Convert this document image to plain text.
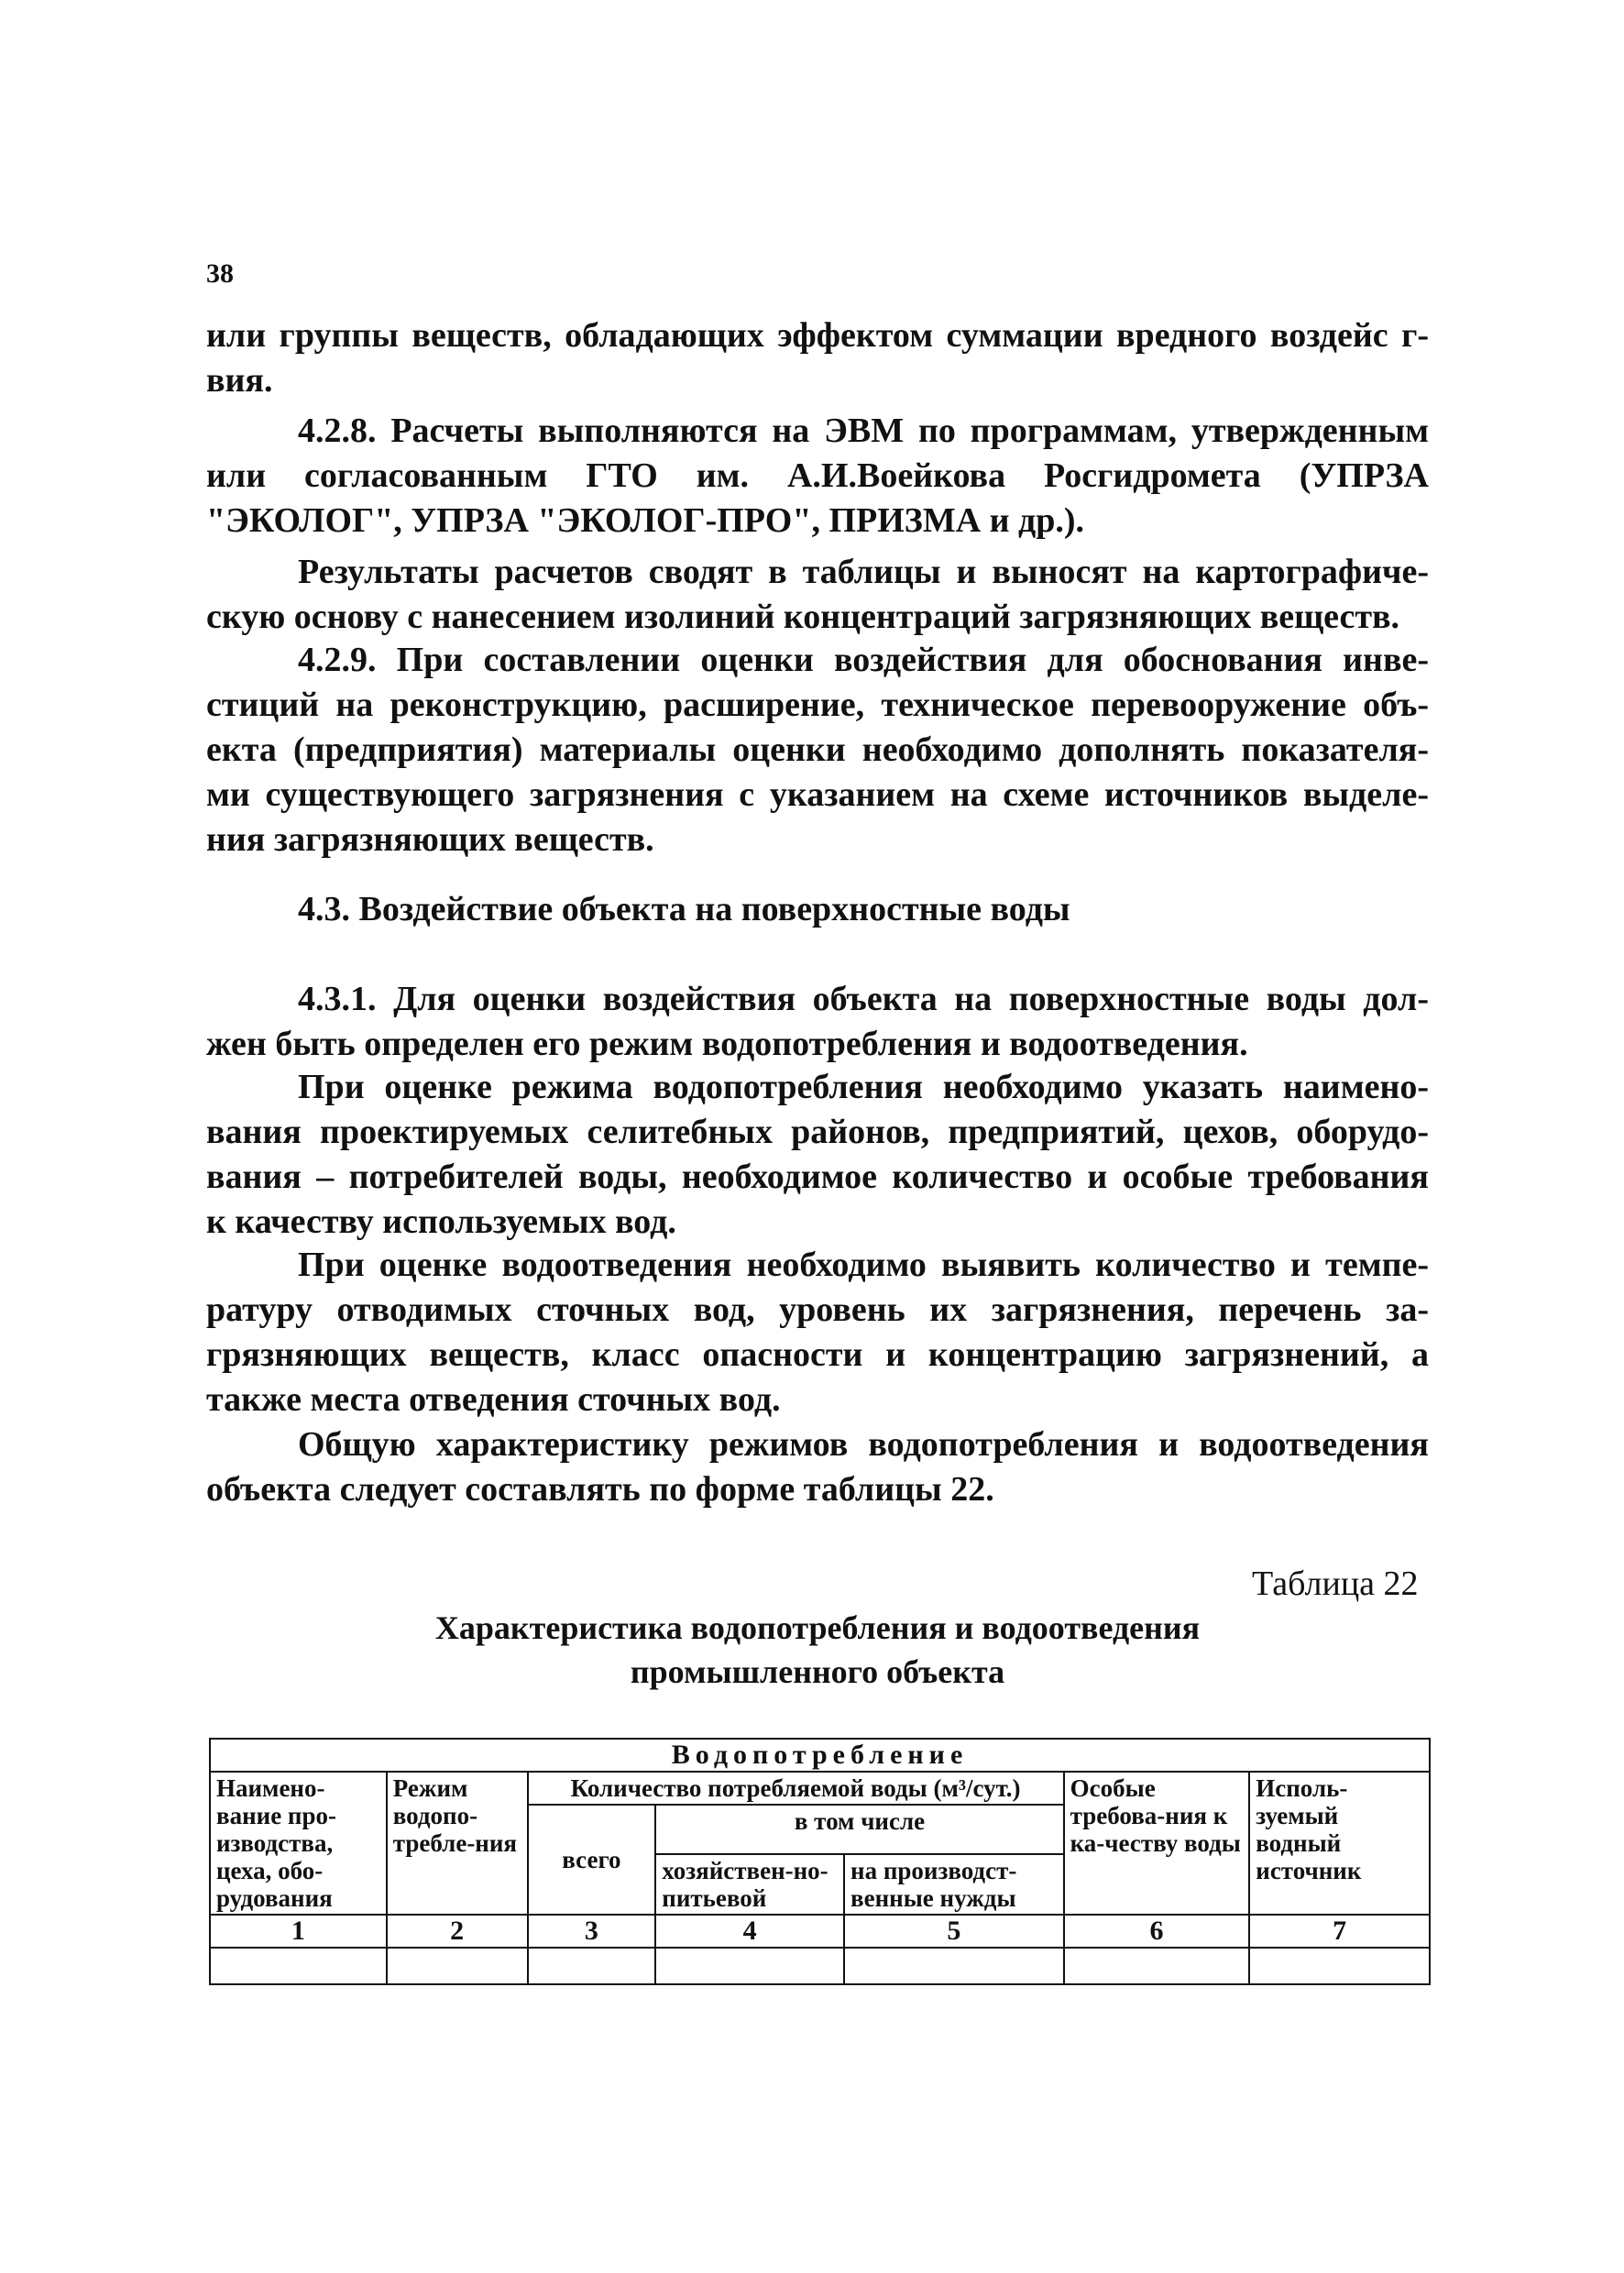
38
или группы веществ, обладающих эффектом суммации вредного воздейс г-
вия.
4.2.8. Расчеты выполняются на ЭВМ по программам, утвержденным
или согласованным ГТО им. А.И.Воейкова Росгидромета (УПРЗА
"ЭКОЛОГ", УПРЗА "ЭКОЛОГ-ПРО", ПРИЗМА и др.).
Результаты расчетов сводят в таблицы и выносят на картографиче-
скую основу с нанесением изолиний концентраций загрязняющих веществ.
4.2.9. При составлении оценки воздействия для обоснования инве-
стиций на реконструкцию, расширение, техническое перевооружение объ-
екта (предприятия) материалы оценки необходимо дополнять показателя-
ми существующего загрязнения с указанием на схеме источников выделе-
ния загрязняющих веществ.
4.3. Воздействие объекта на поверхностные воды
4.3.1. Для оценки воздействия объекта на поверхностные воды дол-
жен быть определен его режим водопотребления и водоотведения.
При оценке режима водопотребления необходимо указать наимено-
вания проектируемых селитебных районов, предприятий, цехов, оборудо-
вания – потребителей воды, необходимое количество и особые требования
к качеству используемых вод.
При оценке водоотведения необходимо выявить количество и темпе-
ратуру отводимых сточных вод, уровень их загрязнения, перечень за-
грязняющих веществ, класс опасности и концентрацию загрязнений, а
также места отведения сточных вод.
Общую характеристику режимов водопотребления и водоотведения
объекта следует составлять по форме таблицы 22.
Таблица 22
Характеристика водопотребления и водоотведения
промышленного объекта
Водопотребление						
Наимено-вание про-изводства, цеха, обо-рудования	Режим водопо-требле-ния	Количество потребляемой воды (м³/сут.)			Особые требова-ния к ка-честву воды	Исполь-зуемый водный источник
		всего	в том числе			
			хозяйствен-но-питьевой	на производст-венные нужды		
1	2	3	4	5	6	7
